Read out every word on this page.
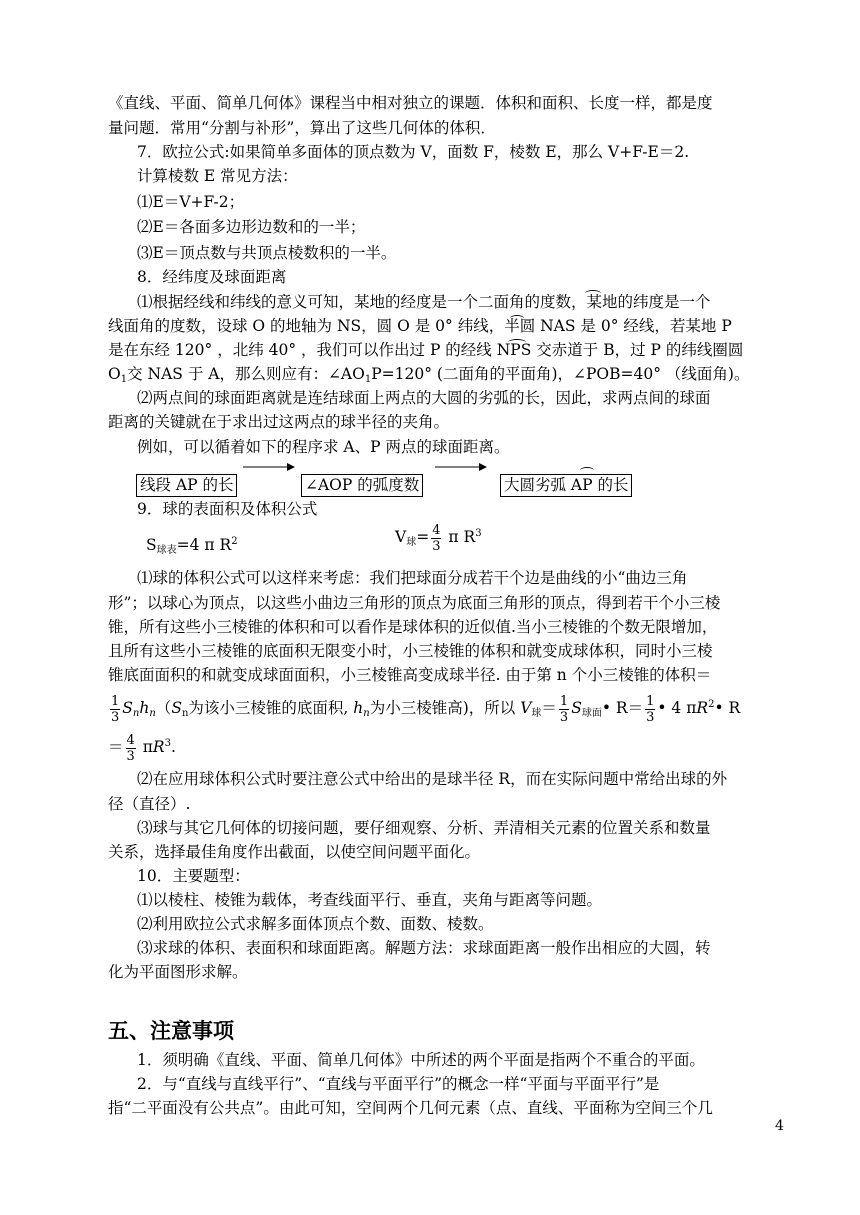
《直线、平面、简单几何体》课程当中相对独立的课题．体积和面积、长度一样，都是度
量问题．常用“分割与补形”，算出了这些几何体的体积．
7．欧拉公式:如果简单多面体的顶点数为 V，面数 F，棱数 E，那么 V+F-E＝2.
计算棱数 E 常见方法：
⑴E＝V+F-2；
⑵E＝各面多边形边数和的一半；
⑶E＝顶点数与共顶点棱数积的一半。
8．经纬度及球面距离
⑴根据经线和纬线的意义可知，某地的经度是一个二面角的度数，某地的纬度是一个
线面角的度数，设球 O 的地轴为 NS，圆 O 是 0° 纬线，半圆 NAS 是 0° 经线，若某地 P
是在东经 120° ，北纬 40° ，我们可以作出过 P 的经线 NPS 交赤道于 B，过 P 的纬线圈圆
$O_1$交 NAS 于 A，那么则应有：$\angle AO_1P=120^\circ$ (二面角的平面角)，∠POB=40° （线面角)。
⑵两点间的球面距离就是连结球面上两点的大圆的劣弧的长，因此，求两点间的球面
距离的关键就在于求出过这两点的球半径的夹角。
例如，可以循着如下的程序求 A、P 两点的球面距离。
线段 AP 的长	∠AOP 的弧度数	大圆劣弧 AP 的长
9．球的表面积及体积公式
$S_{球表}=4$ π $R^2$	$V_球= \frac{4}{3}$ π $R^3$
⑴球的体积公式可以这样来考虑：我们把球面分成若干个边是曲线的小“曲边三角
形”；以球心为顶点，以这些小曲边三角形的顶点为底面三角形的顶点，得到若干个小三棱
锥，所有这些小三棱锥的体积和可以看作是球体积的近似值.当小三棱锥的个数无限增加，
且所有这些小三棱锥的底面积无限变小时，小三棱锥的体积和就变成球体积，同时小三棱
锥底面面积的和就变成球面面积，小三棱锥高变成球半径. 由于第 n 个小三棱锥的体积＝
$\frac{1}{3} S_nh_n(S_n$为该小三棱锥的底面积, $h_n$为小三棱锥高)，所以 $V_球= \frac{1}{3}$ $S_{球面}•$ $R= \frac{1}{3}$ • 4 $\pi R^2•$ R
＝ $\frac{4}{3} \pi R^3$.
⑵在应用球体积公式时要注意公式中给出的是球半径 R，而在实际问题中常给出球的外
径（直径）.
⑶球与其它几何体的切接问题，要仔细观察、分析、弄清相关元素的位置关系和数量
关系，选择最佳角度作出截面，以使空间问题平面化。
10．主要题型：
⑴以棱柱、棱锥为载体，考查线面平行、垂直，夹角与距离等问题。
⑵利用欧拉公式求解多面体顶点个数、面数、棱数。
⑶求球的体积、表面积和球面距离。解题方法：求球面距离一般作出相应的大圆，转
化为平面图形求解。
五、注意事项
1．须明确《直线、平面、简单几何体》中所述的两个平面是指两个不重合的平面。
2．与“直线与直线平行”、“直线与平面平行”的概念一样“平面与平面平行”是
指“二平面没有公共点”。由此可知，空间两个几何元素（点、直线、平面称为空间三个几
4
